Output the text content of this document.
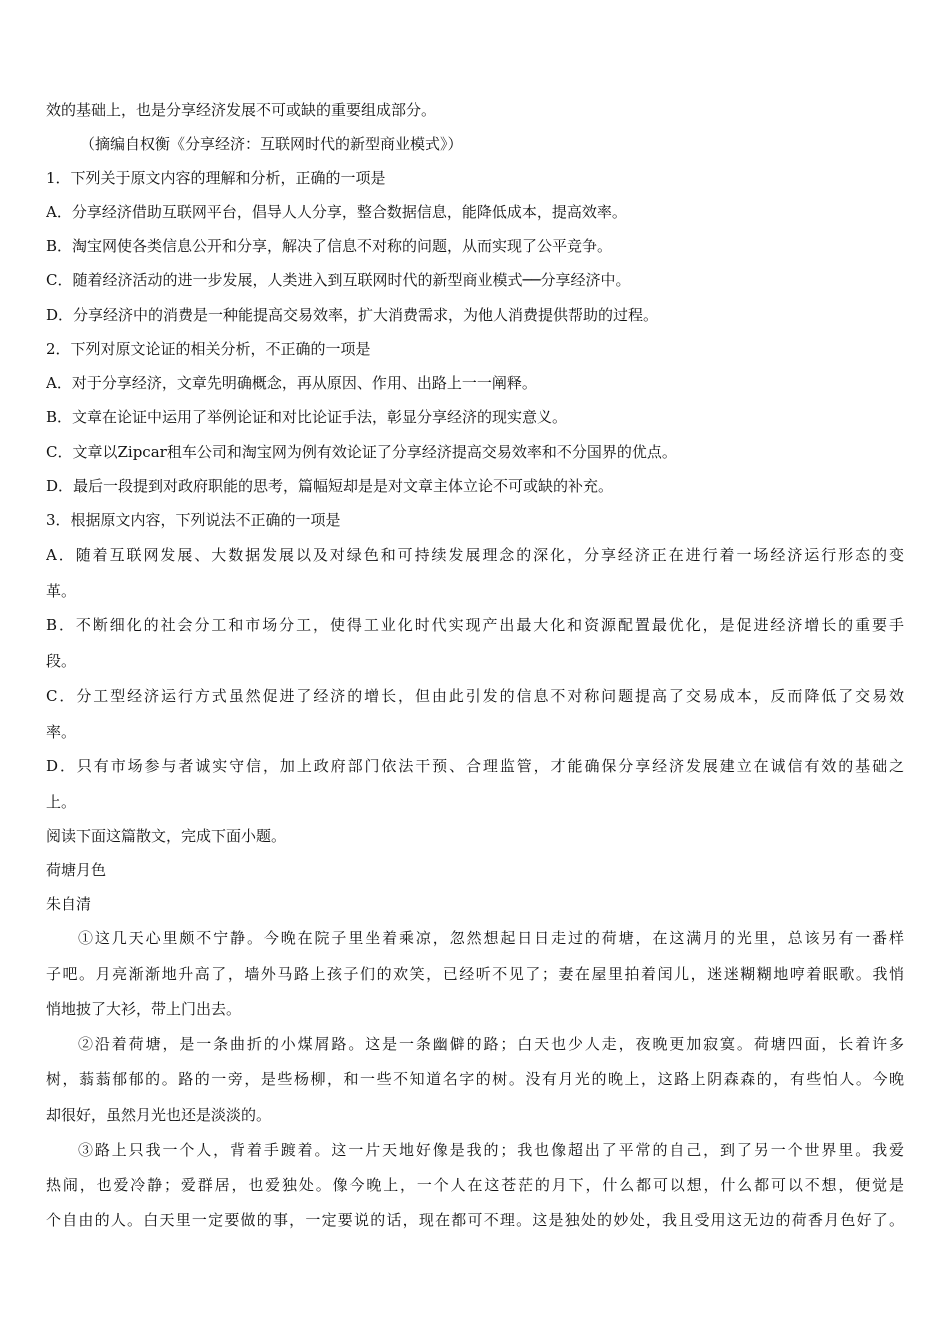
效的基础上，也是分享经济发展不可或缺的重要组成部分。
（摘编自权衡《分享经济：互联网时代的新型商业模式》）
1．下列关于原文内容的理解和分析，正确的一项是
A．分享经济借助互联网平台，倡导人人分享，整合数据信息，能降低成本，提高效率。
B．淘宝网使各类信息公开和分享，解决了信息不对称的问题，从而实现了公平竞争。
C．随着经济活动的进一步发展，人类进入到互联网时代的新型商业模式──分享经济中。
D．分享经济中的消费是一种能提高交易效率，扩大消费需求，为他人消费提供帮助的过程。
2．下列对原文论证的相关分析，不正确的一项是
A．对于分享经济，文章先明确概念，再从原因、作用、出路上一一阐释。
B．文章在论证中运用了举例论证和对比论证手法，彰显分享经济的现实意义。
C．文章以Zipcar租车公司和淘宝网为例有效论证了分享经济提高交易效率和不分国界的优点。
D．最后一段提到对政府职能的思考，篇幅短却是是对文章主体立论不可或缺的补充。
3．根据原文内容，下列说法不正确的一项是
A．随着互联网发展、大数据发展以及对绿色和可持续发展理念的深化，分享经济正在进行着一场经济运行形态的变
革。
B．不断细化的社会分工和市场分工，使得工业化时代实现产出最大化和资源配置最优化，是促进经济增长的重要手
段。
C．分工型经济运行方式虽然促进了经济的增长，但由此引发的信息不对称问题提高了交易成本，反而降低了交易效
率。
D．只有市场参与者诚实守信，加上政府部门依法干预、合理监管，才能确保分享经济发展建立在诚信有效的基础之
上。
阅读下面这篇散文，完成下面小题。
荷塘月色
朱自清
①这几天心里颇不宁静。今晚在院子里坐着乘凉，忽然想起日日走过的荷塘，在这满月的光里，总该另有一番样
子吧。月亮渐渐地升高了，墙外马路上孩子们的欢笑，已经听不见了；妻在屋里拍着闰儿，迷迷糊糊地哼着眠歌。我悄
悄地披了大衫，带上门出去。
②沿着荷塘，是一条曲折的小煤屑路。这是一条幽僻的路；白天也少人走，夜晚更加寂寞。荷塘四面，长着许多
树，蓊蓊郁郁的。路的一旁，是些杨柳，和一些不知道名字的树。没有月光的晚上，这路上阴森森的，有些怕人。今晚
却很好，虽然月光也还是淡淡的。
③路上只我一个人，背着手踱着。这一片天地好像是我的；我也像超出了平常的自己，到了另一个世界里。我爱
热闹，也爱冷静；爱群居，也爱独处。像今晚上，一个人在这苍茫的月下，什么都可以想，什么都可以不想，便觉是
个自由的人。白天里一定要做的事，一定要说的话，现在都可不理。这是独处的妙处，我且受用这无边的荷香月色好了。
